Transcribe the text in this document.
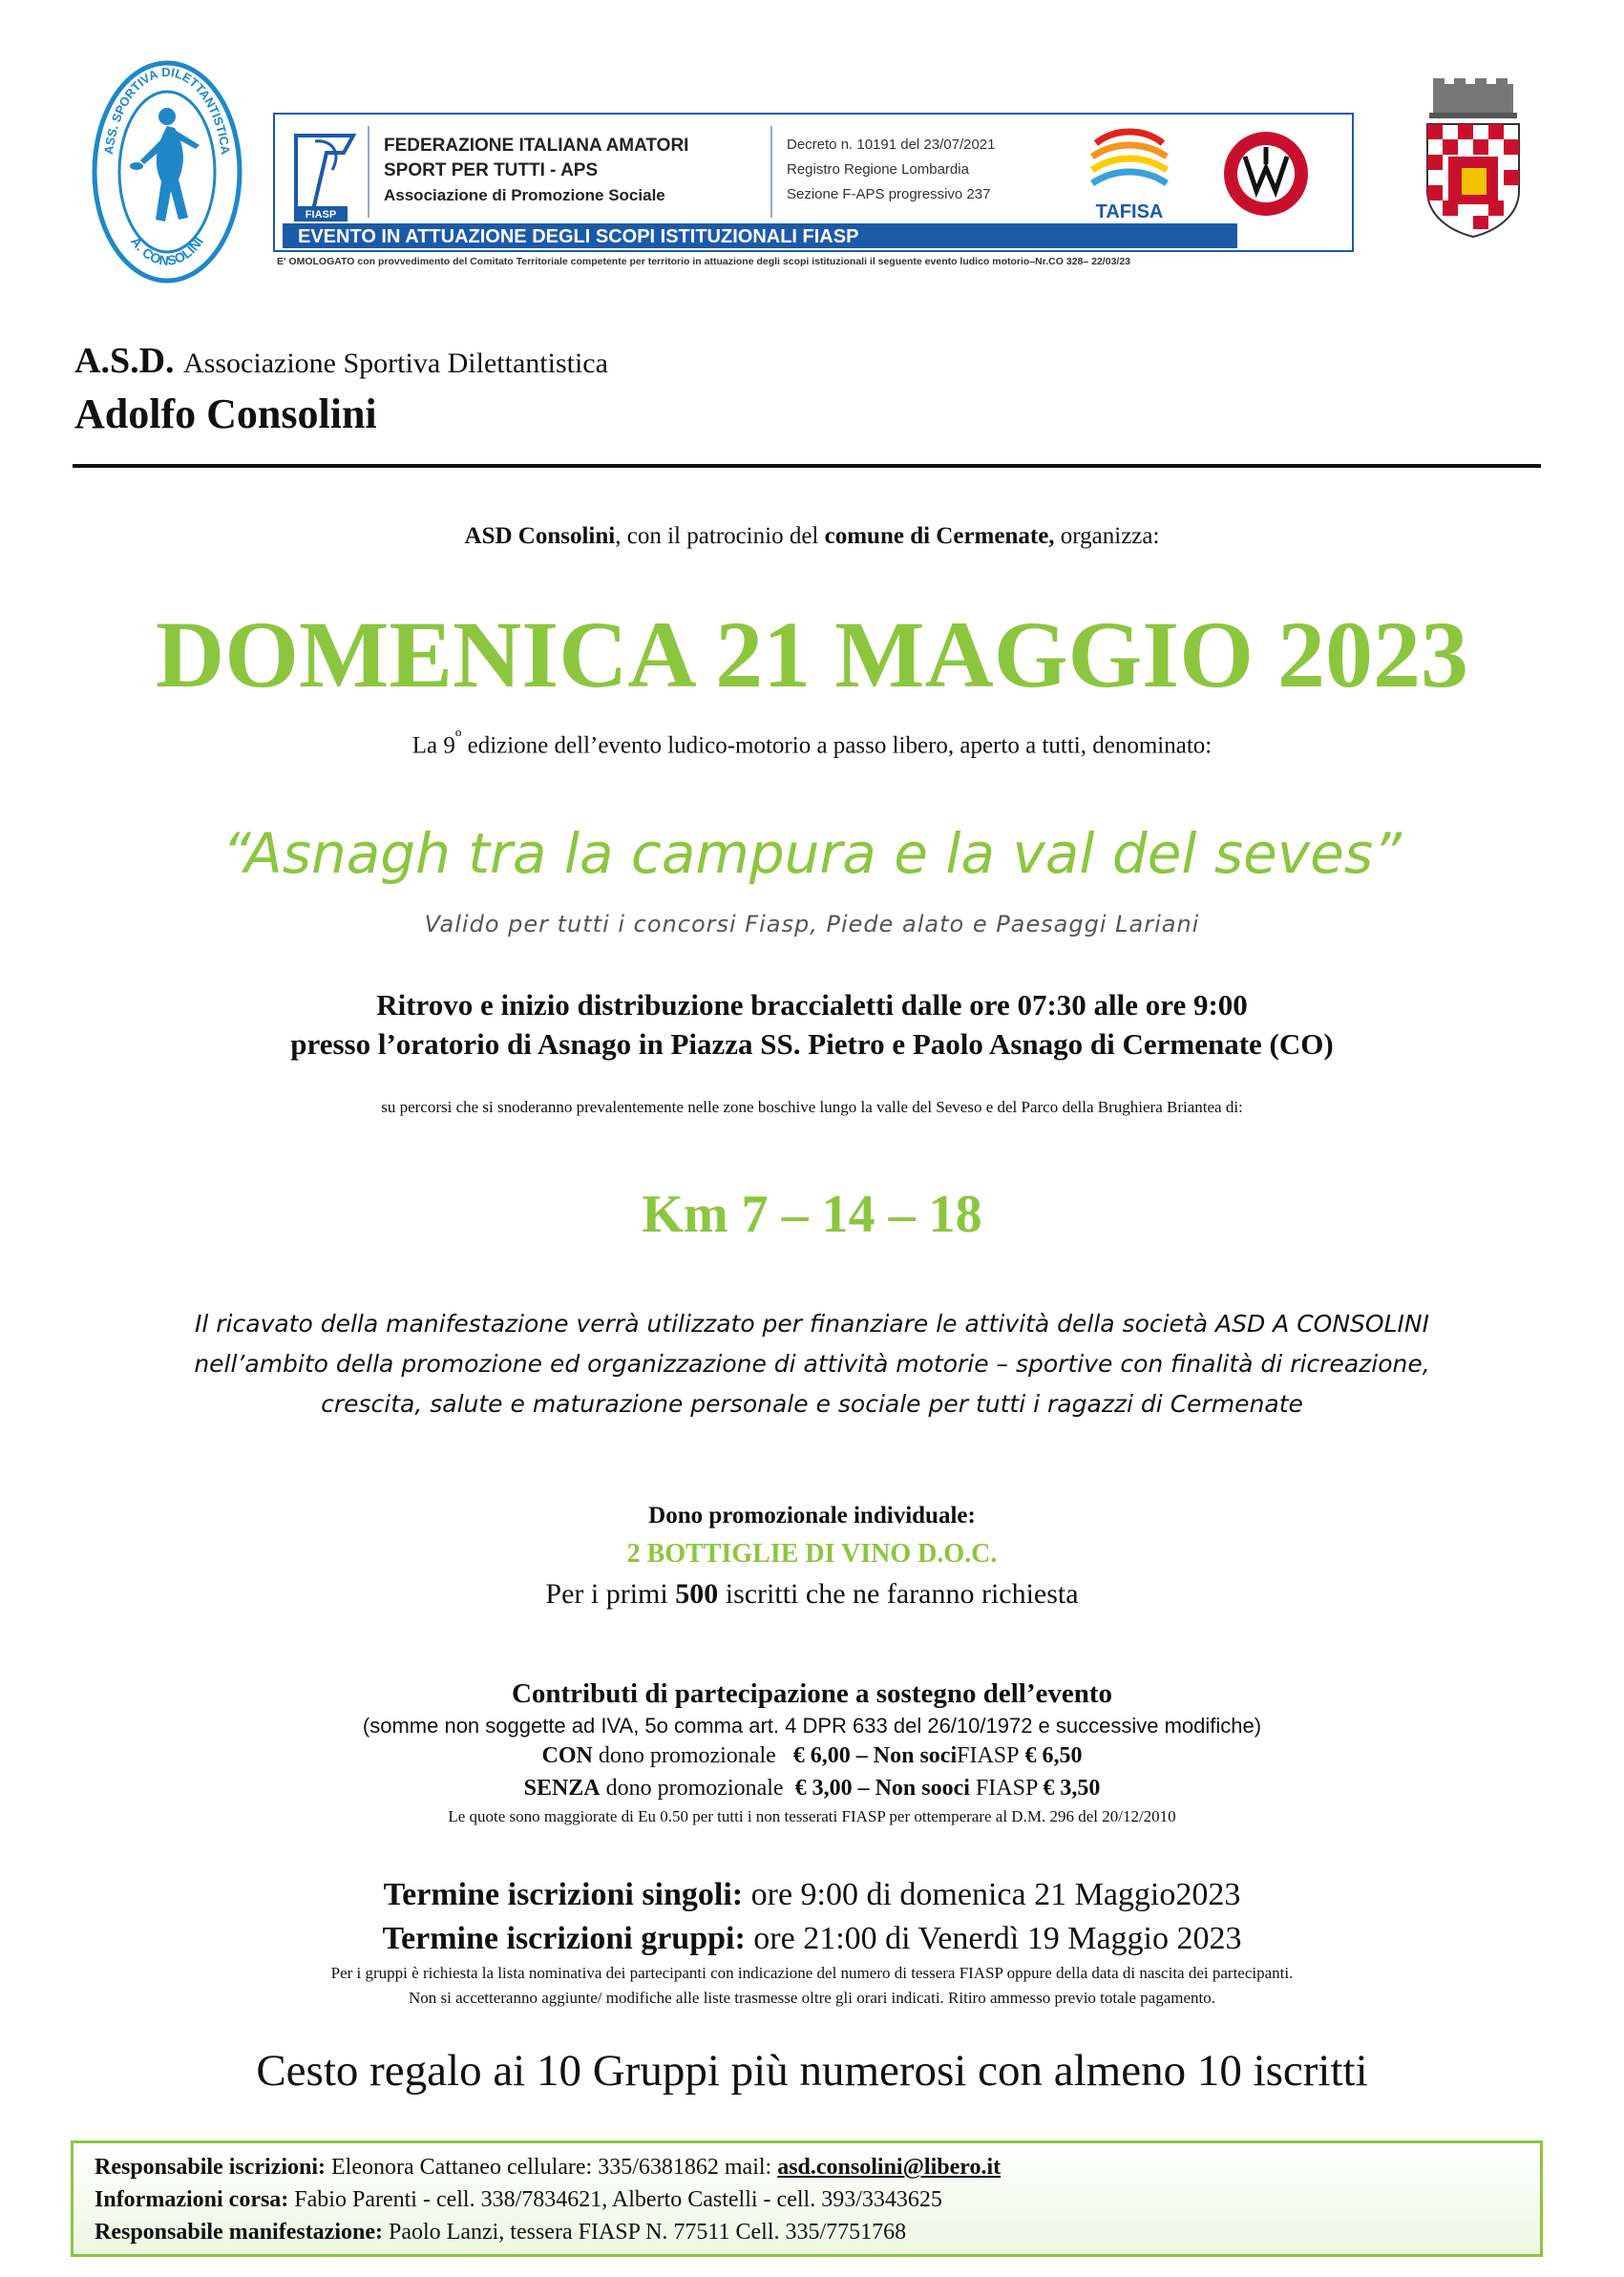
ASS. SPORTIVA DILETTANTISTICA
A. CONSOLINI
FIASP
FEDERAZIONE ITALIANA AMATORI
SPORT PER TUTTI - APS
Associazione di Promozione Sociale
Decreto n. 10191 del 23/07/2021
Registro Regione Lombardia
Sezione F-APS progressivo 237
TAFISA
EVENTO IN ATTUAZIONE DEGLI SCOPI ISTITUZIONALI FIASP
E' OMOLOGATO con provvedimento del Comitato Territoriale competente per territorio in attuazione degli scopi istituzionali il seguente evento ludico motorio–Nr.CO 328– 22/03/23
A.S.D. Associazione Sportiva Dilettantistica
Adolfo Consolini
ASD Consolini, con il patrocinio del comune di Cermenate, organizza:
DOMENICA 21 MAGGIO 2023
La $9^º$ edizione dell’evento ludico-motorio a passo libero, aperto a tutti, denominato:
“Asnagh tra la campura e la val del seves”
Valido per tutti i concorsi Fiasp, Piede alato e Paesaggi Lariani
Ritrovo e inizio distribuzione braccialetti dalle ore 07:30 alle ore 9:00
presso l’oratorio di Asnago in Piazza SS. Pietro e Paolo Asnago di Cermenate (CO)
su percorsi che si snoderanno prevalentemente nelle zone boschive lungo la valle del Seveso e del Parco della Brughiera Briantea di:
Km 7 – 14 – 18
Il ricavato della manifestazione verrà utilizzato per finanziare le attività della società ASD A CONSOLINI
nell’ambito della promozione ed organizzazione di attività motorie – sportive con finalità di ricreazione,
crescita, salute e maturazione personale e sociale per tutti i ragazzi di Cermenate
Dono promozionale individuale:
2 BOTTIGLIE DI VINO D.O.C.
Per i primi 500 iscritti che ne faranno richiesta
Contributi di partecipazione a sostegno dell’evento
(somme non soggette ad IVA, 5o comma art. 4 DPR 633 del 26/10/1972 e successive modifiche)
CON dono promozionale   € 6,00 – Non sociFIASP € 6,50
SENZA dono promozionale  € 3,00 – Non sooci FIASP € 3,50
Le quote sono maggiorate di Eu 0.50 per tutti i non tesserati FIASP per ottemperare al D.M. 296 del 20/12/2010
Termine iscrizioni singoli: ore 9:00 di domenica 21 Maggio2023
Termine iscrizioni gruppi: ore 21:00 di Venerdì 19 Maggio 2023
Per i gruppi è richiesta la lista nominativa dei partecipanti con indicazione del numero di tessera FIASP oppure della data di nascita dei partecipanti.
Non si accetteranno aggiunte/ modifiche alle liste trasmesse oltre gli orari indicati. Ritiro ammesso previo totale pagamento.
Cesto regalo ai 10 Gruppi più numerosi con almeno 10 iscritti
Responsabile iscrizioni: Eleonora Cattaneo cellulare: 335/6381862 mail: asd.consolini@libero.it
Informazioni corsa: Fabio Parenti - cell. 338/7834621, Alberto Castelli - cell. 393/3343625
Responsabile manifestazione: Paolo Lanzi, tessera FIASP N. 77511 Cell. 335/7751768
